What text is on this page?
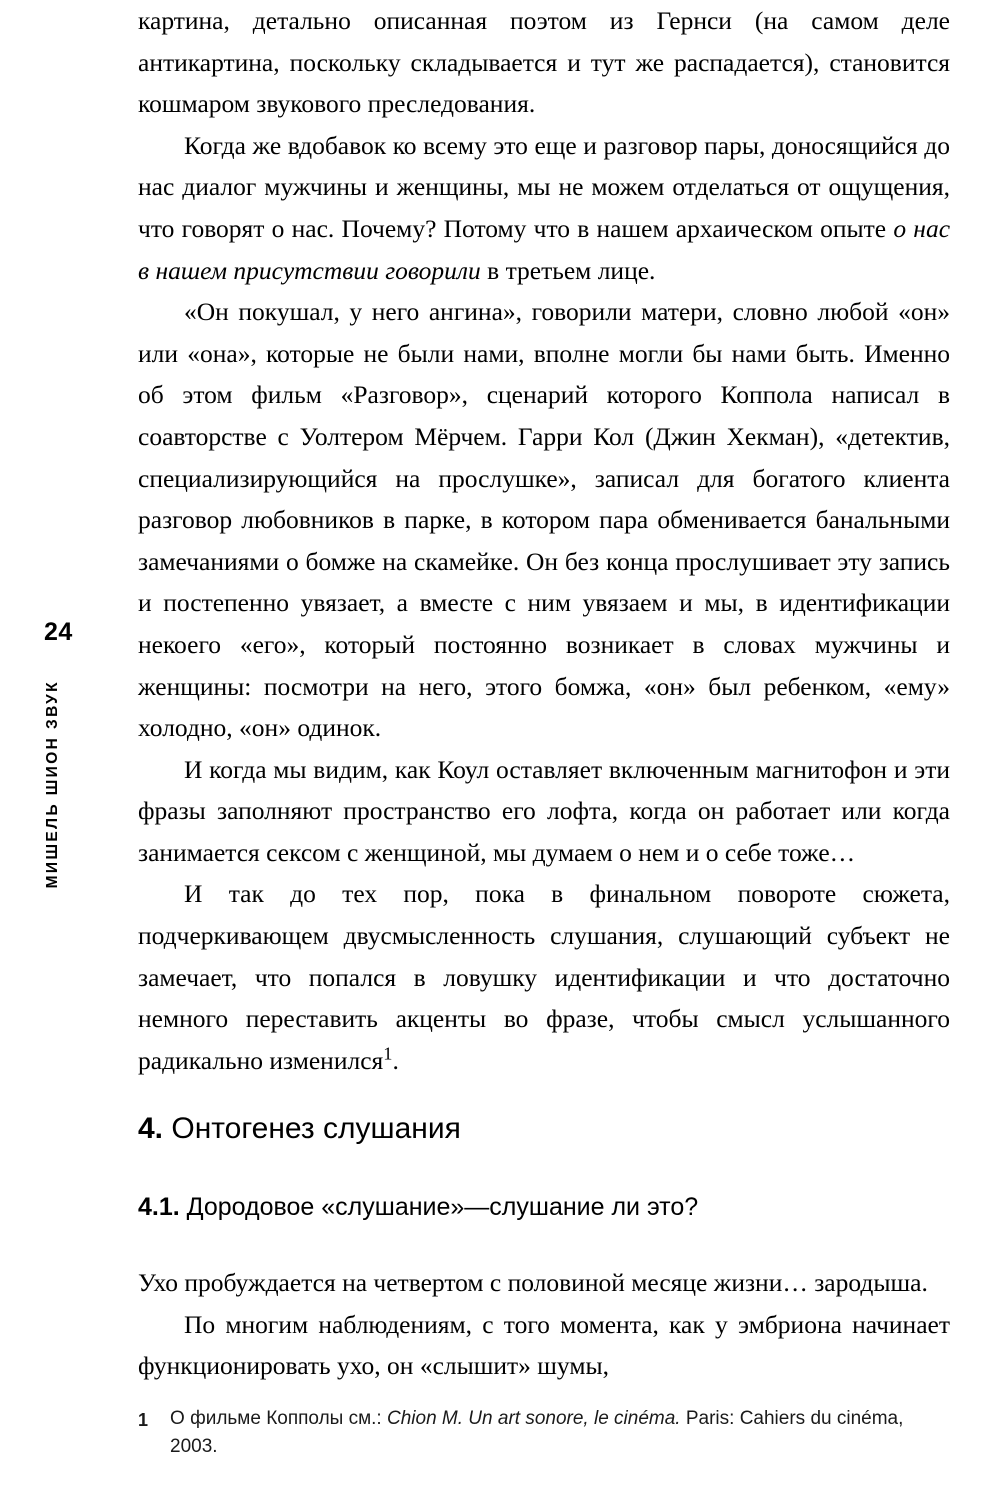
24
МИШЕЛЬ ШИОН ЗВУК

картина, детально описанная поэтом из Гернси (на самом деле антикартина, поскольку складывается и тут же распадается), становится кошмаром звукового преследования.

Когда же вдобавок ко всему это еще и разговор пары, доносящийся до нас диалог мужчины и женщины, мы не можем отделаться от ощущения, что говорят о нас. Почему? Потому что в нашем архаическом опыте о нас в нашем присутствии говорили в третьем лице.

«Он покушал, у него ангина», говорили матери, словно любой «он» или «она», которые не были нами, вполне могли бы нами быть. Именно об этом фильм «Разговор», сценарий которого Коппола написал в соавторстве с Уолтером Мёрчем. Гарри Кол (Джин Хекман), «детектив, специализирующийся на прослушке», записал для богатого клиента разговор любовников в парке, в котором пара обменивается банальными замечаниями о бомже на скамейке. Он без конца прослушивает эту запись и постепенно увязает, а вместе с ним увязаем и мы, в идентификации некоего «его», который постоянно возникает в словах мужчины и женщины: посмотри на него, этого бомжа, «он» был ребенком, «ему» холодно, «он» одинок.

И когда мы видим, как Коул оставляет включенным магнитофон и эти фразы заполняют пространство его лофта, когда он работает или когда занимается сексом с женщиной, мы думаем о нем и о себе тоже…

И так до тех пор, пока в финальном повороте сюжета, подчеркивающем двусмысленность слушания, слушающий субъект не замечает, что попался в ловушку идентификации и что достаточно немного переставить акценты во фразе, чтобы смысл услышанного радикально изменился$^1$.

4. Онтогенез слушания
4.1. Дородовое «слушание»—слушание ли это?

Ухо пробуждается на четвертом с половиной месяце жизни… зародыша.

По многим наблюдениям, с того момента, как у эмбриона начинает функционировать ухо, он «слышит» шумы,

1 О фильме Копполы см.: Chion M. Un art sonore, le cinéma. Paris: Cahiers du cinéma, 2003.
